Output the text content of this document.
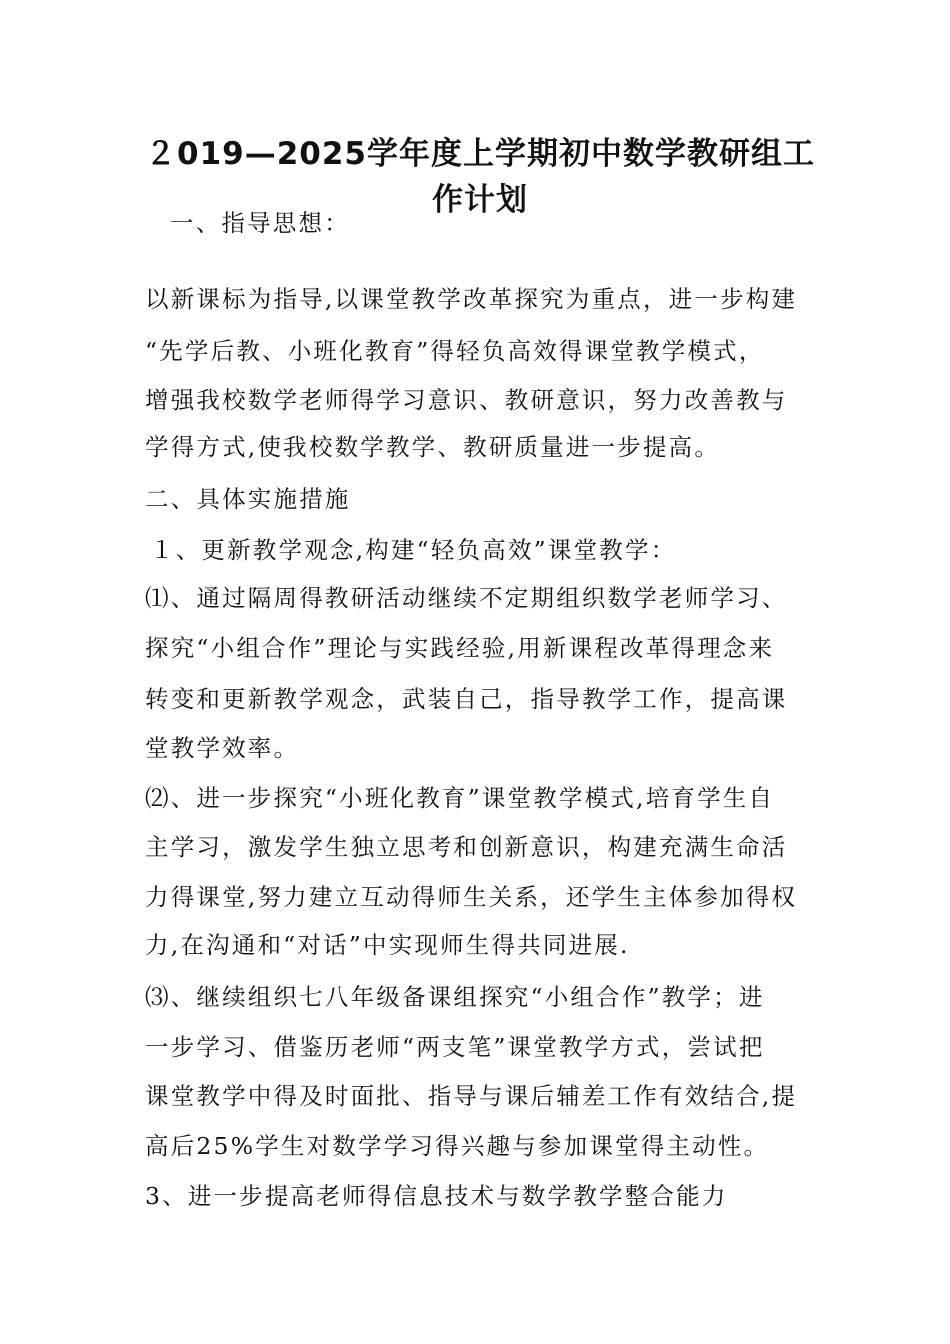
２019—2025学年度上学期初中数学教研组工
作计划
一、指导思想：
以新课标为指导,以课堂教学改革探究为重点，进一步构建
“先学后教、小班化教育”得轻负高效得课堂教学模式，
增强我校数学老师得学习意识、教研意识，努力改善教与
学得方式,使我校数学教学、教研质量进一步提高。
二、具体实施措施
１、更新教学观念,构建“轻负高效”课堂教学：
⑴、通过隔周得教研活动继续不定期组织数学老师学习、
探究“小组合作”理论与实践经验,用新课程改革得理念来
转变和更新教学观念，武装自己，指导教学工作，提高课
堂教学效率。
⑵、进一步探究“小班化教育”课堂教学模式,培育学生自
主学习，激发学生独立思考和创新意识，构建充满生命活
力得课堂,努力建立互动得师生关系，还学生主体参加得权
力,在沟通和“对话”中实现师生得共同进展.
⑶、继续组织七八年级备课组探究“小组合作”教学；进
一步学习、借鉴历老师“两支笔”课堂教学方式，尝试把
课堂教学中得及时面批、指导与课后辅差工作有效结合,提
高后25%学生对数学学习得兴趣与参加课堂得主动性。
3、进一步提高老师得信息技术与数学教学整合能力
